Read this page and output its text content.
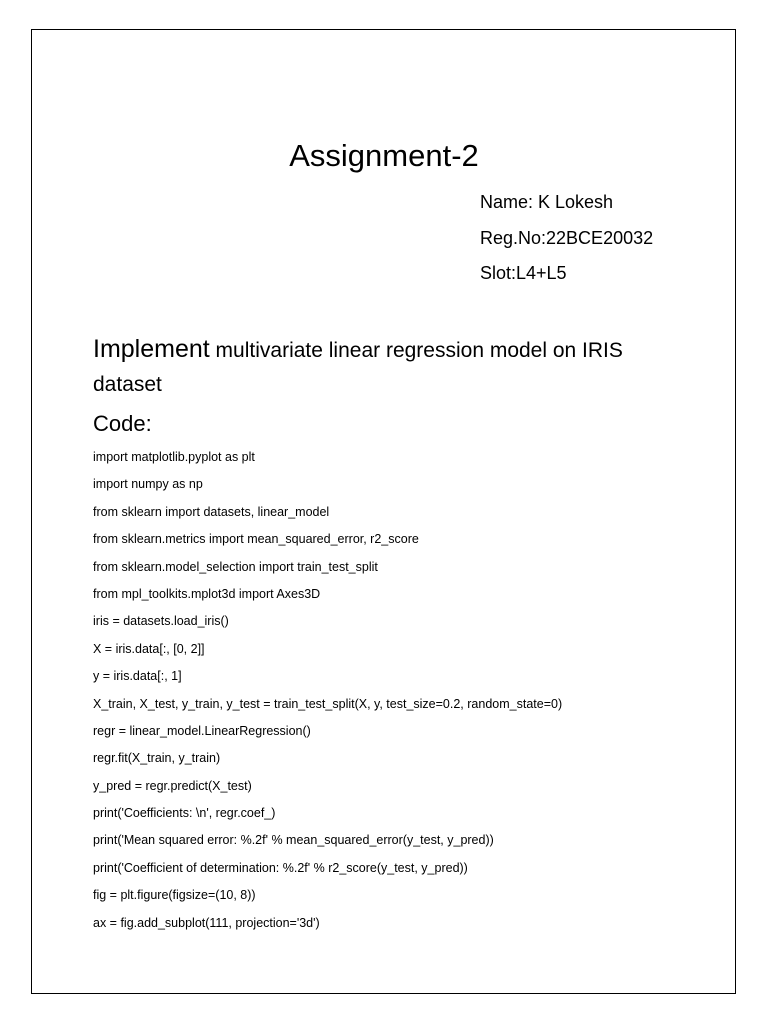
Assignment-2
Name: K Lokesh
Reg.No:22BCE20032
Slot:L4+L5
Implement multivariate linear regression model on IRIS dataset
Code:
import matplotlib.pyplot as plt
import numpy as np
from sklearn import datasets, linear_model
from sklearn.metrics import mean_squared_error, r2_score
from sklearn.model_selection import train_test_split
from mpl_toolkits.mplot3d import Axes3D
iris = datasets.load_iris()
X = iris.data[:, [0, 2]]
y = iris.data[:, 1]
X_train, X_test, y_train, y_test = train_test_split(X, y, test_size=0.2, random_state=0)
regr = linear_model.LinearRegression()
regr.fit(X_train, y_train)
y_pred = regr.predict(X_test)
print('Coefficients: \n', regr.coef_)
print('Mean squared error: %.2f' % mean_squared_error(y_test, y_pred))
print('Coefficient of determination: %.2f' % r2_score(y_test, y_pred))
fig = plt.figure(figsize=(10, 8))
ax = fig.add_subplot(111, projection='3d')
